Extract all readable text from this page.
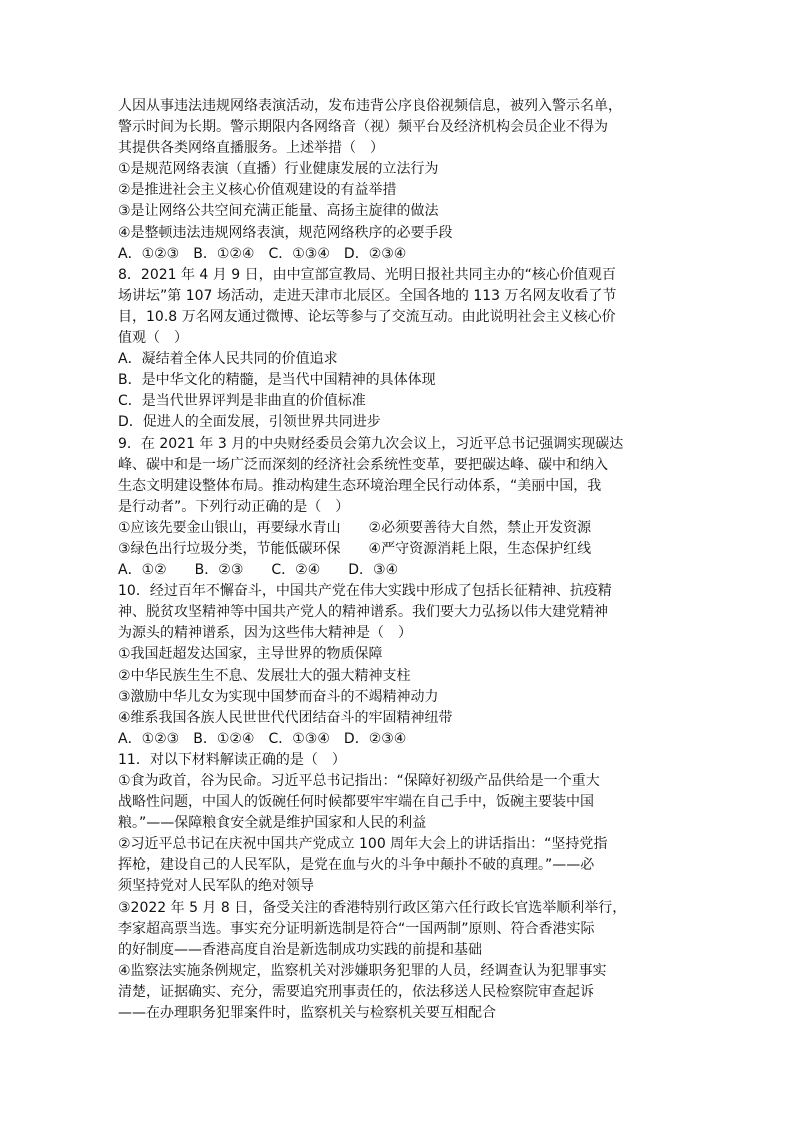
人因从事违法违规网络表演活动，发布违背公序良俗视频信息，被列入警示名单，
警示时间为长期。警示期限内各网络音（视）频平台及经济机构会员企业不得为
其提供各类网络直播服务。上述举措（　）
①是规范网络表演（直播）行业健康发展的立法行为
②是推进社会主义核心价值观建设的有益举措
③是让网络公共空间充满正能量、高扬主旋律的做法
④是整顿违法违规网络表演，规范网络秩序的必要手段
A．①②③　B．①②④　C．①③④　D．②③④
8．2021 年 4 月 9 日，由中宣部宣教局、光明日报社共同主办的“核心价值观百
场讲坛”第 107 场活动，走进天津市北辰区。全国各地的 113 万名网友收看了节
目，10.8 万名网友通过微博、论坛等参与了交流互动。由此说明社会主义核心价
值观（　）
A．凝结着全体人民共同的价值追求
B．是中华文化的精髓，是当代中国精神的具体体现
C．是当代世界评判是非曲直的价值标准
D．促进人的全面发展，引领世界共同进步
9．在 2021 年 3 月的中央财经委员会第九次会议上，习近平总书记强调实现碳达
峰、碳中和是一场广泛而深刻的经济社会系统性变革，要把碳达峰、碳中和纳入
生态文明建设整体布局。推动构建生态环境治理全民行动体系，“美丽中国，我
是行动者”。下列行动正确的是（　）
①应该先要金山银山，再要绿水青山　　②必须要善待大自然，禁止开发资源
③绿色出行垃圾分类，节能低碳环保　　④严守资源消耗上限，生态保护红线
A．①②　　B．②③　　C．②④　　D．③④
10．经过百年不懈奋斗，中国共产党在伟大实践中形成了包括长征精神、抗疫精
神、脱贫攻坚精神等中国共产党人的精神谱系。我们要大力弘扬以伟大建党精神
为源头的精神谱系，因为这些伟大精神是（　）
①我国赶超发达国家，主导世界的物质保障
②中华民族生生不息、发展壮大的强大精神支柱
③激励中华儿女为实现中国梦而奋斗的不竭精神动力
④维系我国各族人民世世代代团结奋斗的牢固精神纽带
A．①②③　B．①②④　C．①③④　D．②③④
11．对以下材料解读正确的是（　）
①食为政首，谷为民命。习近平总书记指出：“保障好初级产品供给是一个重大
战略性问题，中国人的饭碗任何时候都要牢牢端在自己手中，饭碗主要装中国
粮。”——保障粮食安全就是维护国家和人民的利益
②习近平总书记在庆祝中国共产党成立 100 周年大会上的讲话指出：“坚持党指
挥枪，建设自己的人民军队，是党在血与火的斗争中颠扑不破的真理。”——必
须坚持党对人民军队的绝对领导
③2022 年 5 月 8 日，备受关注的香港特别行政区第六任行政长官选举顺利举行，
李家超高票当选。事实充分证明新选制是符合“一国两制”原则、符合香港实际
的好制度——香港高度自治是新选制成功实践的前提和基础
④监察法实施条例规定，监察机关对涉嫌职务犯罪的人员，经调查认为犯罪事实
清楚，证据确实、充分，需要追究刑事责任的，依法移送人民检察院审查起诉
——在办理职务犯罪案件时，监察机关与检察机关要互相配合
